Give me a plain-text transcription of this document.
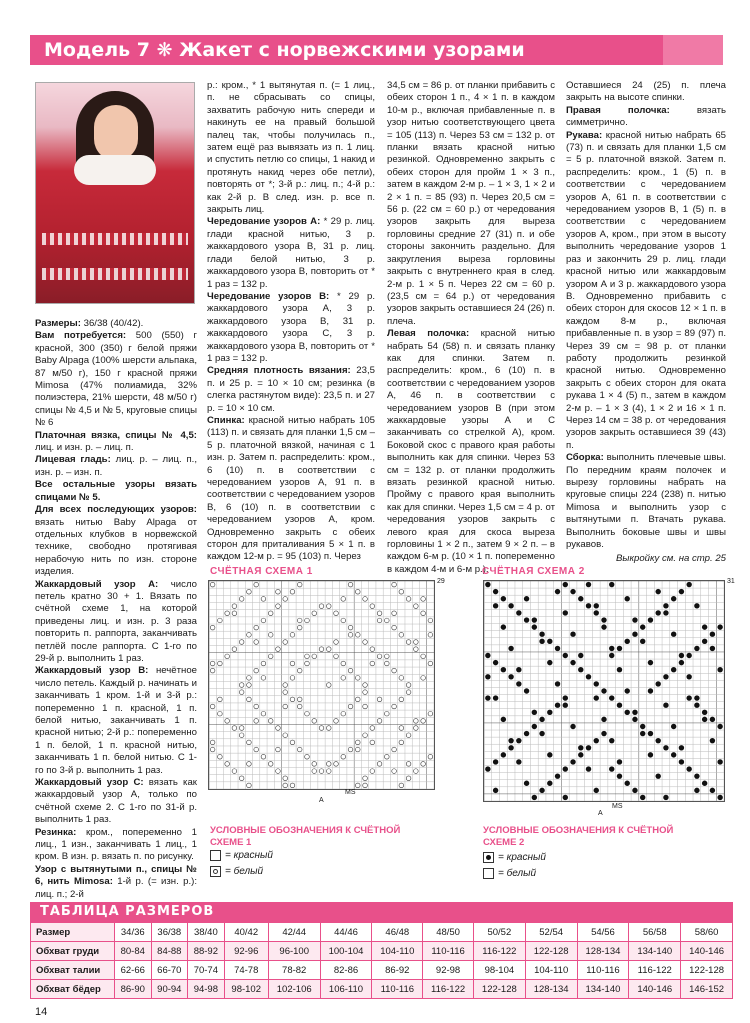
Модель 7 ❋ Жакет с норвежскими узорами

Размеры: 36/38 (40/42).

Вам потребуется: 500 (550) г красной, 300 (350) г белой пряжи Baby Alpaga (100% шерсти альпака, 87 м/50 г), 150 г красной пряжи Mimosa (47% полиамида, 32% полиэстера, 21% шерсти, 48 м/50 г) спицы № 4,5 и № 5, круговые спицы № 6

Платочная вязка, спицы № 4,5: лиц. и изн. р. – лиц. п.

Лицевая гладь: лиц. р. – лиц. п., изн. р. – изн. п.

Все остальные узоры вязать спицами № 5.

Для всех последующих узоров: вязать нитью Baby Alpaga от отдельных клубков в норвежской технике, свободно протягивая нерабочую нить по изн. стороне изделия.

Жаккардовый узор А: число петель кратно 30 + 1. Вязать по счётной схеме 1, на которой приведены лиц. и изн. р. 3 раза повторить п. раппорта, заканчивать петлёй после раппорта. С 1-го по 29-й р. выполнить 1 раз.

Жаккардовый узор В: нечётное число петель. Каждый р. начинать и заканчивать 1 кром. 1-й и 3-й р.: попеременно 1 п. красной, 1 п. белой нитью, заканчивать 1 п. красной нитью; 2-й р.: попеременно 1 п. белой, 1 п. красной нитью, заканчивать 1 п. белой нитью. С 1-го по 3-й р. выполнить 1 раз.

Жаккардовый узор С: вязать как жаккардовый узор А, только по счётной схеме 2. С 1-го по 31-й р. выполнить 1 раз.

Резинка: кром., попеременно 1 лиц., 1 изн., заканчивать 1 лиц., 1 кром. В изн. р. вязать п. по рисунку.

Узор с вытянутыми п., спицы № 6, нить Mimosa: 1-й р. (= изн. р.): лиц. п.; 2-й

р.: кром., * 1 вытянутая п. (= 1 лиц., п. не сбрасывать со спицы, захватить рабочую нить спереди и накинуть ее на правый большой палец так, чтобы получилась п., затем ещё раз вывязать из п. 1 лиц. и спустить петлю со спицы, 1 накид и протянуть накид через обе петли), повторять от *; 3-й р.: лиц. п.; 4-й р.: как 2-й р. В след. изн. р. все п. закрыть лиц.

Чередование узоров А: * 29 р. лиц. глади красной нитью, 3 р. жаккардового узора В, 31 р. лиц. глади белой нитью, 3 р. жаккардового узора В, повторить от * 1 раз = 132 р.

Чередование узоров В: * 29 р. жаккардового узора А, 3 р. жаккардового узора В, 31 р. жаккардового узора С, 3 р. жаккардового узора В, повторить от * 1 раз = 132 р.

Средняя плотность вязания: 23,5 п. и 25 р. = 10 × 10 см; резинка (в слегка растянутом виде): 23,5 п. и 27 р. = 10 × 10 см.

Спинка: красной нитью набрать 105 (113) п. и связать для планки 1,5 см – 5 р. платочной вязкой, начиная с 1 изн. р. Затем п. распределить: кром., 6 (10) п. в соответствии с чередованием узоров А, 91 п. в соответствии с чередованием узоров В, 6 (10) п. в соответствии с чередованием узоров А, кром. Одновременно закрыть с обеих сторон для приталивания 5 × 1 п. в каждом 12-м р. = 95 (103) п. Через

34,5 см = 86 р. от планки прибавить с обеих сторон 1 п., 4 × 1 п. в каждом 10-м р., включая прибавленные п. в узор нитью соответствующего цвета = 105 (113) п. Через 53 см = 132 р. от планки вязать красной нитью резинкой. Одновременно закрыть с обеих сторон для пройм 1 × 3 п., затем в каждом 2-м р. – 1 × 3, 1 × 2 и 2 × 1 п. = 85 (93) п. Через 20,5 см = 56 р. (22 см = 60 р.) от чередования узоров закрыть для выреза горловины средние 27 (31) п. и обе стороны закончить раздельно. Для закругления выреза горловины закрыть с внутреннего края в след. 2-м р. 1 × 5 п. Через 22 см = 60 р. (23,5 см = 64 р.) от чередования узоров закрыть оставшиеся 24 (26) п. плеча.

Левая полочка: красной нитью набрать 54 (58) п. и связать планку как для спинки. Затем п. распределить: кром., 6 (10) п. в соответствии с чередованием узоров А, 46 п. в соответствии с чередованием узоров В (при этом жаккардовые узоры А и С заканчивать со стрелкой А), кром. Боковой скос с правого края работы выполнить как для спинки. Через 53 см = 132 р. от планки продолжить вязать резинкой красной нитью. Пройму с правого края выполнить как для спинки. Через 1,5 см = 4 р. от чередования узоров закрыть с левого края для скоса выреза горловины 1 × 2 п., затем 9 × 2 п. – в каждом 6-м р. (10 × 1 п. попеременно в каждом 4-м и 6-м р.).

Оставшиеся 24 (25) п. плеча закрыть на высоте спинки.

Правая полочка: вязать симметрично.

Рукава: красной нитью набрать 65 (73) п. и связать для планки 1,5 см = 5 р. платочной вязкой. Затем п. распределить: кром., 1 (5) п. в соответствии с чередованием узоров А, 61 п. в соответствии с чередованием узоров В, 1 (5) п. в соответствии с чередованием узоров А, кром., при этом в высоту выполнить чередование узоров 1 раз и закончить 29 р. лиц. глади красной нитью или жаккардовым узором А и 3 р. жаккардового узора В. Одновременно прибавить с обеих сторон для скосов 12 × 1 п. в каждом 8-м р., включая прибавленные п. в узор = 89 (97) п. Через 39 см = 98 р. от планки работу продолжить резинкой красной нитью. Одновременно закрыть с обеих сторон для окатa рукава 1 × 4 (5) п., затем в каждом 2-м р. – 1 × 3 (4), 1 × 2 и 16 × 1 п. Через 14 см = 38 р. от чередования узоров закрыть оставшиеся 39 (43) п.

Сборка: выполнить плечевые швы. По передним краям полочек и вырезу горловины набрать на круговые спицы 224 (238) п. нитью Mimosa и выполнить узор с вытянутыми п. Втачать рукава. Выполнить боковые швы и швы рукавов.

Выкройку см. на стр. 25
СЧЁТНАЯ СХЕМА 1
29
A
MS
УСЛОВНЫЕ ОБОЗНАЧЕНИЯ К СЧЁТНОЙ СХЕМЕ 1
= красный
= белый
СЧЁТНАЯ СХЕМА 2
31
A
MS
УСЛОВНЫЕ ОБОЗНАЧЕНИЯ К СЧЁТНОЙ СХЕМЕ 2
= красный
= белый
ТАБЛИЦА РАЗМЕРОВ
Размер	34/36	36/38	38/40	40/42	42/44	44/46	46/48	48/50	50/52	52/54	54/56	56/58	58/60
Обхват груди	80-84	84-88	88-92	92-96	96-100	100-104	104-110	110-116	116-122	122-128	128-134	134-140	140-146
Обхват талии	62-66	66-70	70-74	74-78	78-82	82-86	86-92	92-98	98-104	104-110	110-116	116-122	122-128
Обхват бёдер	86-90	90-94	94-98	98-102	102-106	106-110	110-116	116-122	122-128	128-134	134-140	140-146	146-152
14
